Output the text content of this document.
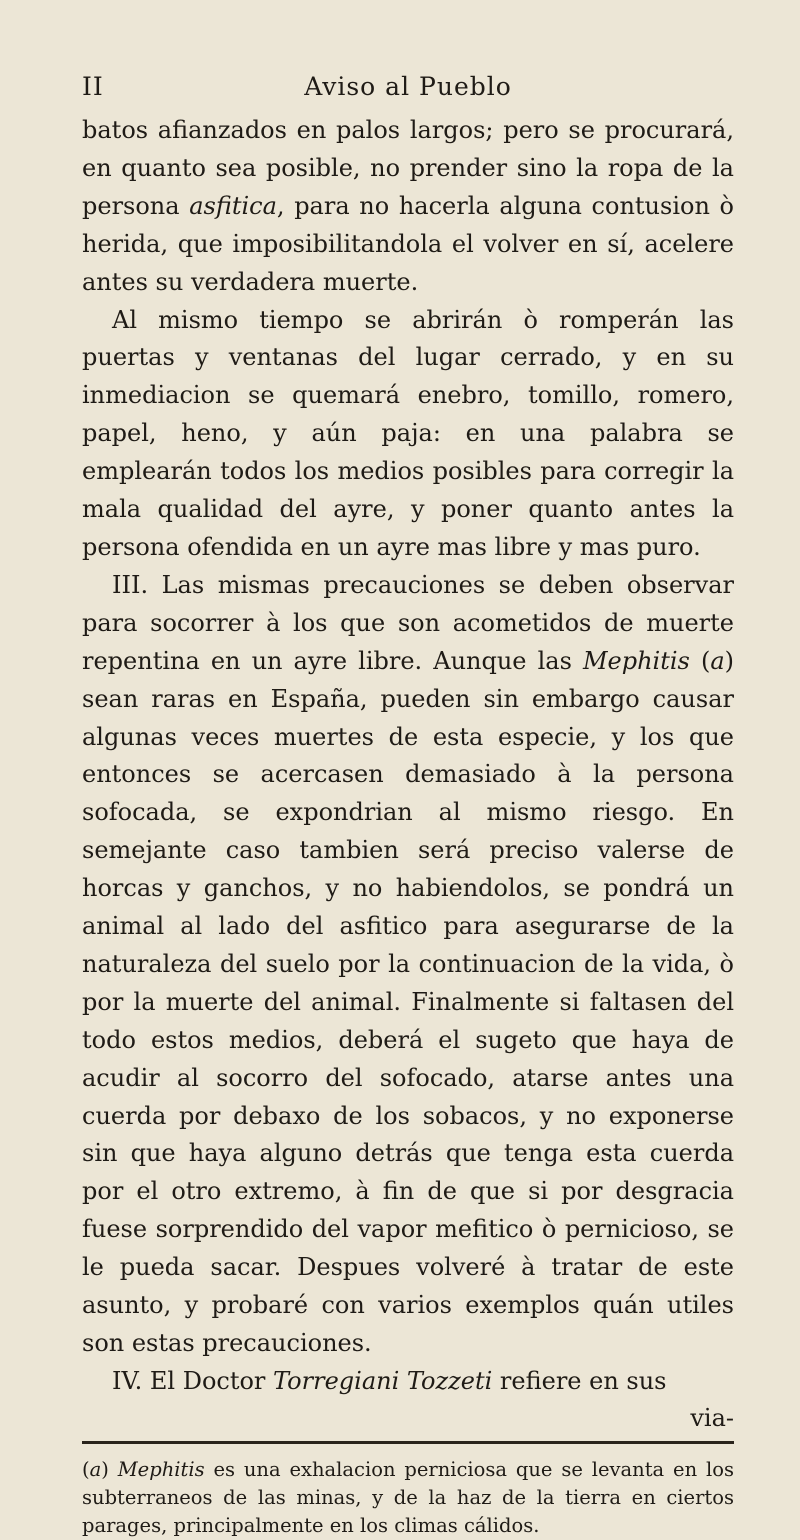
II	Aviso al Pueblo

batos afianzados en palos largos; pero se procurará, en quanto sea posible, no prender sino la ropa de la persona asfitica, para no hacerla alguna contusion ò herida, que imposibilitandola el volver en sí, acelere antes su verdadera muerte.

Al mismo tiempo se abrirán ò romperán las puertas y ventanas del lugar cerrado, y en su inmediacion se quemará enebro, tomillo, romero, papel, heno, y aún paja: en una palabra se emplearán todos los medios posibles para corregir la mala qualidad del ayre, y poner quanto antes la persona ofendida en un ayre mas libre y mas puro.

III. Las mismas precauciones se deben observar para socorrer à los que son acometidos de muerte repentina en un ayre libre. Aunque las Mephitis (a) sean raras en España, pueden sin embargo causar algunas veces muertes de esta especie, y los que entonces se acercasen demasiado à la persona sofocada, se expondrian al mismo riesgo. En semejante caso tambien será preciso valerse de horcas y ganchos, y no habiendolos, se pondrá un animal al lado del asfitico para asegurarse de la naturaleza del suelo por la continuacion de la vida, ò por la muerte del animal. Finalmente si faltasen del todo estos medios, deberá el sugeto que haya de acudir al socorro del sofocado, atarse antes una cuerda por debaxo de los sobacos, y no exponerse sin que haya alguno detrás que tenga esta cuerda por el otro extremo, à fin de que si por desgracia fuese sorprendido del vapor mefitico ò pernicioso, se le pueda sacar. Despues volveré à tratar de este asunto, y probaré con varios exemplos quán utiles son estas precauciones.

IV. El Doctor Torregiani Tozzeti refiere en sus

via-
(a) Mephitis es una exhalacion perniciosa que se levanta en los subterraneos de las minas, y de la haz de la tierra en ciertos parages, principalmente en los climas cálidos.
